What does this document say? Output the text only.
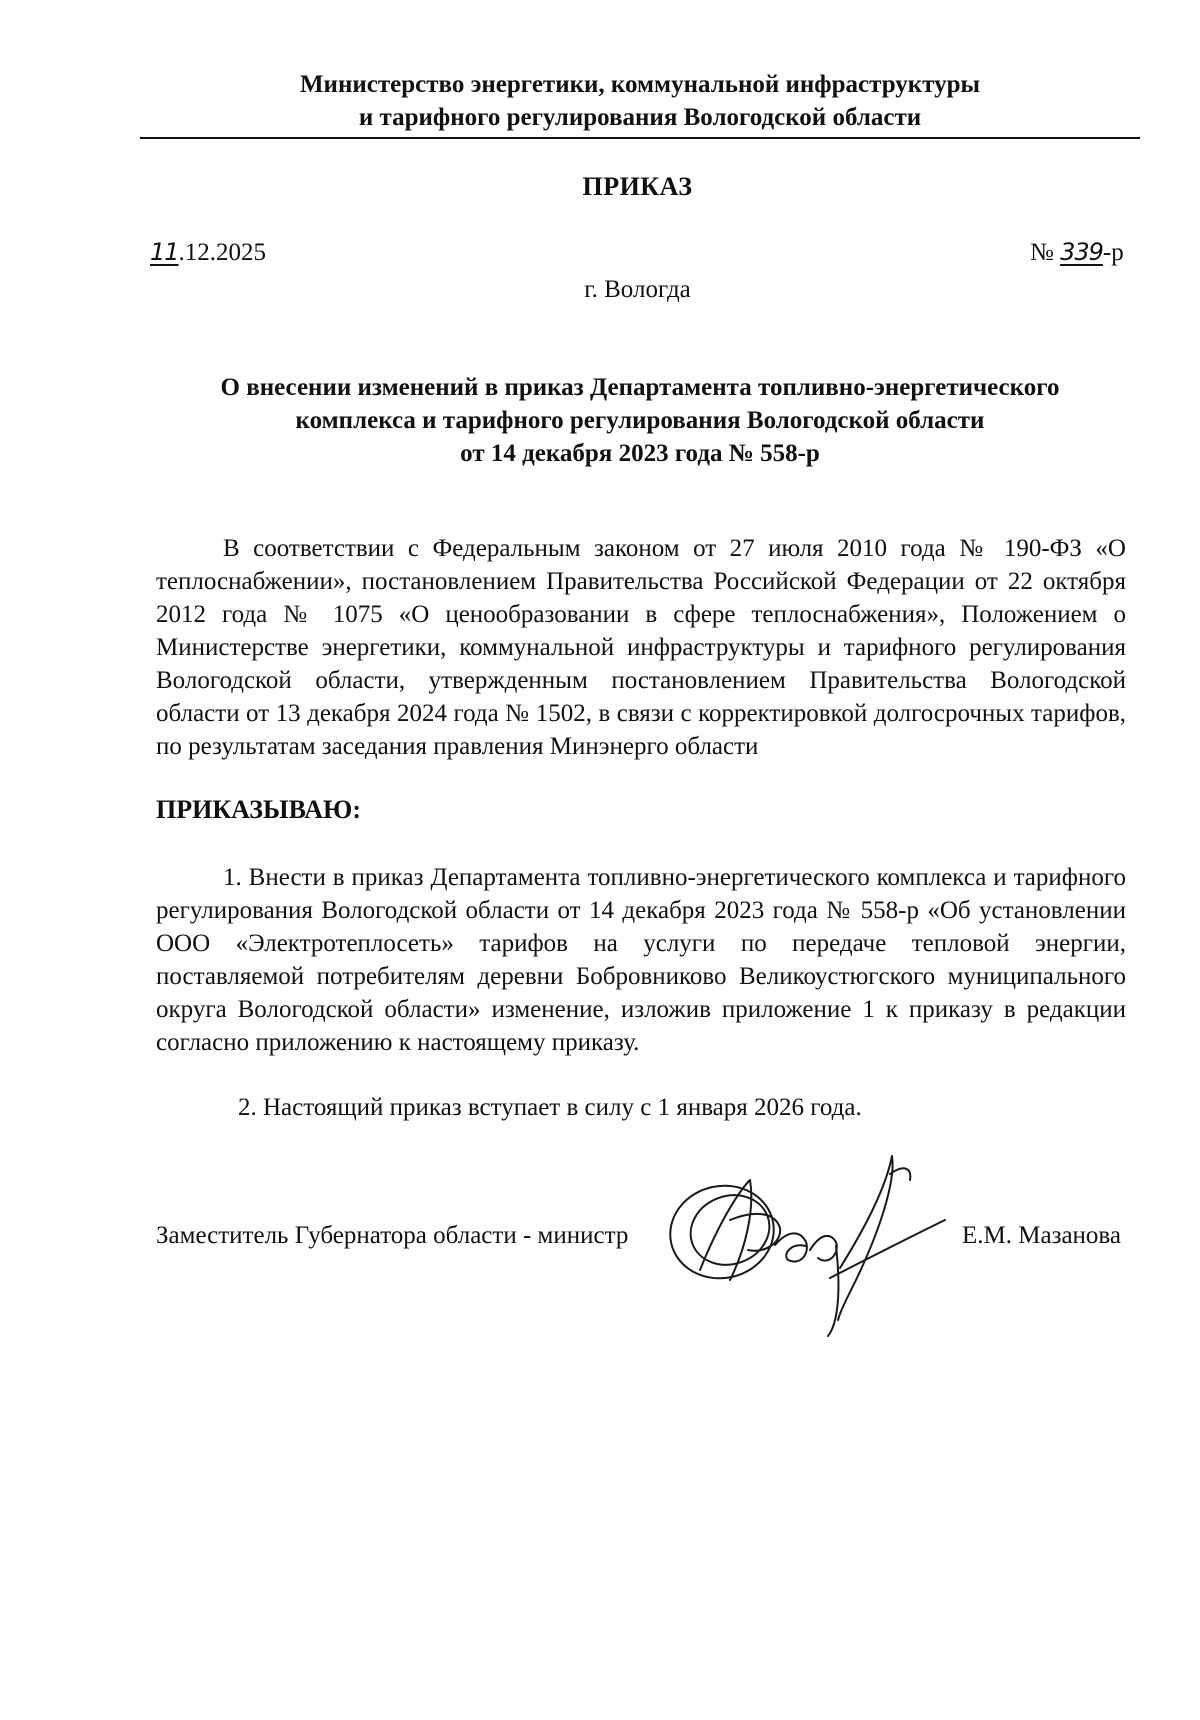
Министерство энергетики, коммунальной инфраструктуры
и тарифного регулирования Вологодской области
ПРИКАЗ
11.12.2025	№ 339-р
г. Вологда
О внесении изменений в приказ Департамента топливно-энергетического
комплекса и тарифного регулирования Вологодской области
от 14 декабря 2023 года № 558-р
В соответствии с Федеральным законом от 27 июля 2010 года № 190-ФЗ «О теплоснабжении», постановлением Правительства Российской Федерации от 22 октября 2012 года № 1075 «О ценообразовании в сфере теплоснабжения», Положением о Министерстве энергетики, коммунальной инфраструктуры и тарифного регулирования Вологодской области, утвержденным постановлением Правительства Вологодской области от 13 декабря 2024 года № 1502, в связи с корректировкой долгосрочных тарифов, по результатам заседания правления Минэнерго области
ПРИКАЗЫВАЮ:
1. Внести в приказ Департамента топливно-энергетического комплекса и тарифного регулирования Вологодской области от 14 декабря 2023 года № 558-р «Об установлении ООО «Электротеплосеть» тарифов на услуги по передаче тепловой энергии, поставляемой потребителям деревни Бобровниково Великоустюгского муниципального округа Вологодской области» изменение, изложив приложение 1 к приказу в редакции согласно приложению к настоящему приказу.
2. Настоящий приказ вступает в силу с 1 января 2026 года.
Заместитель Губернатора области - министр	Е.М. Мазанова
